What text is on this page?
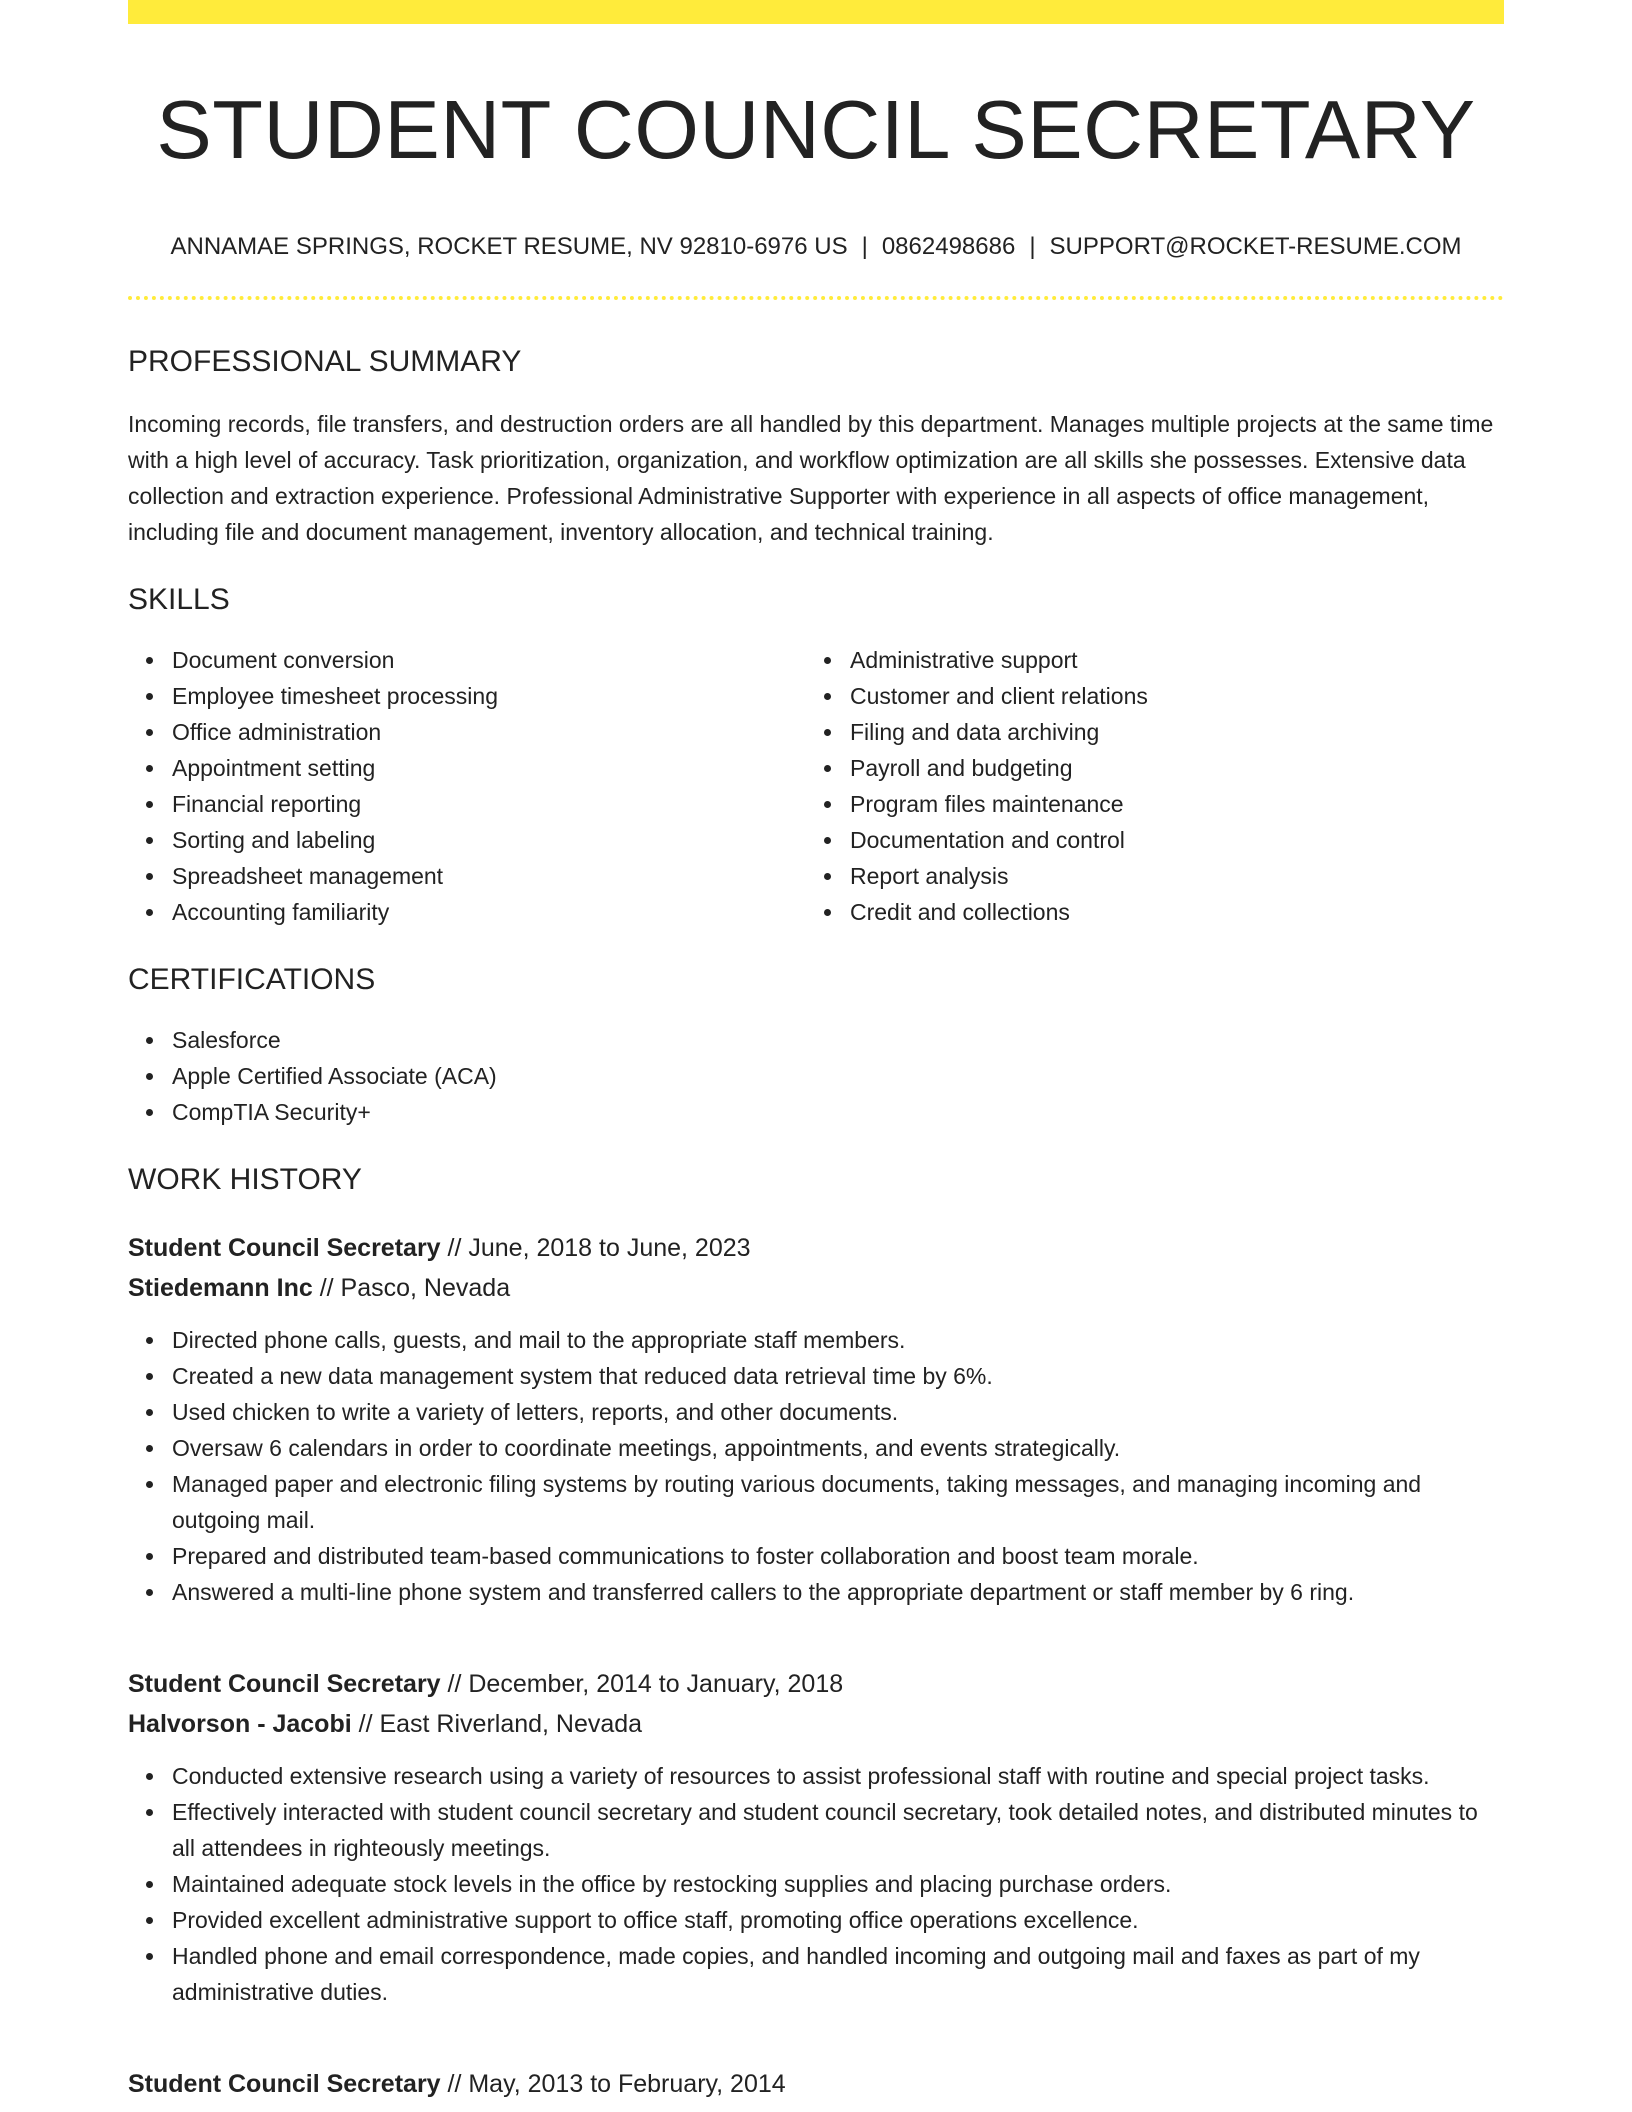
STUDENT COUNCIL SECRETARY
ANNAMAE SPRINGS, ROCKET RESUME, NV 92810-6976 US | 0862498686 | SUPPORT@ROCKET-RESUME.COM
PROFESSIONAL SUMMARY

Incoming records, file transfers, and destruction orders are all handled by this department. Manages multiple projects at the same time with a high level of accuracy. Task prioritization, organization, and workflow optimization are all skills she possesses. Extensive data collection and extraction experience. Professional Administrative Supporter with experience in all aspects of office management, including file and document management, inventory allocation, and technical training.

SKILLS
Document conversion
Employee timesheet processing
Office administration
Appointment setting
Financial reporting
Sorting and labeling
Spreadsheet management
Accounting familiarity
Administrative support
Customer and client relations
Filing and data archiving
Payroll and budgeting
Program files maintenance
Documentation and control
Report analysis
Credit and collections
CERTIFICATIONS
Salesforce
Apple Certified Associate (ACA)
CompTIA Security+
WORK HISTORY
Student Council Secretary // June, 2018 to June, 2023
Stiedemann Inc // Pasco, Nevada
Directed phone calls, guests, and mail to the appropriate staff members.
Created a new data management system that reduced data retrieval time by 6%.
Used chicken to write a variety of letters, reports, and other documents.
Oversaw 6 calendars in order to coordinate meetings, appointments, and events strategically.
Managed paper and electronic filing systems by routing various documents, taking messages, and managing incoming and outgoing mail.
Prepared and distributed team-based communications to foster collaboration and boost team morale.
Answered a multi-line phone system and transferred callers to the appropriate department or staff member by 6 ring.
Student Council Secretary // December, 2014 to January, 2018
Halvorson - Jacobi // East Riverland, Nevada
Conducted extensive research using a variety of resources to assist professional staff with routine and special project tasks.
Effectively interacted with student council secretary and student council secretary, took detailed notes, and distributed minutes to all attendees in righteously meetings.
Maintained adequate stock levels in the office by restocking supplies and placing purchase orders.
Provided excellent administrative support to office staff, promoting office operations excellence.
Handled phone and email correspondence, made copies, and handled incoming and outgoing mail and faxes as part of my administrative duties.
Student Council Secretary // May, 2013 to February, 2014
